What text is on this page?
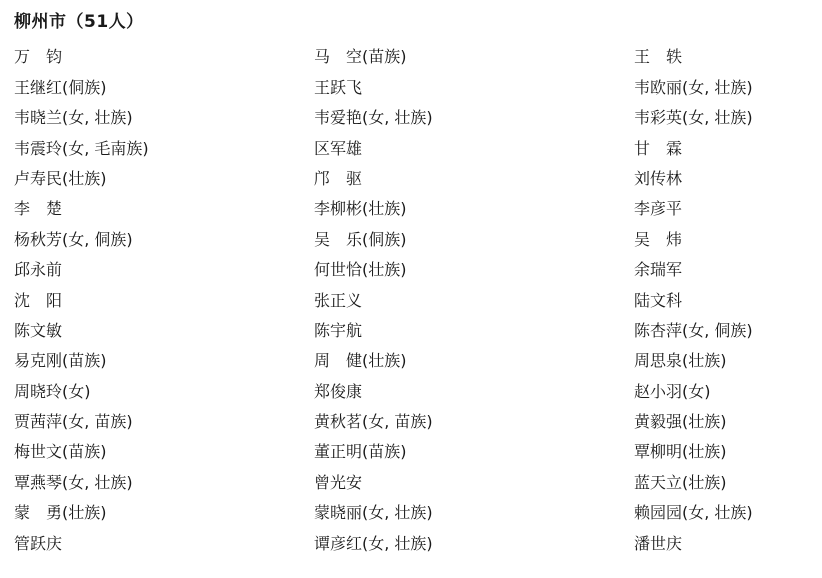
柳州市（51人）
万　钧	马　空(苗族)	王　轶
王继红(侗族)	王跃飞	韦欧丽(女, 壮族)
韦晓兰(女, 壮族)	韦爱艳(女, 壮族)	韦彩英(女, 壮族)
韦震玲(女, 毛南族)	区军雄	甘　霖
卢寿民(壮族)	邝　驱	刘传林
李　楚	李柳彬(壮族)	李彦平
杨秋芳(女, 侗族)	吴　乐(侗族)	吴　炜
邱永前	何世恰(壮族)	余瑞军
沈　阳	张正义	陆文科
陈文敏	陈宇航	陈杏萍(女, 侗族)
易克刚(苗族)	周　健(壮族)	周思泉(壮族)
周晓玲(女)	郑俊康	赵小羽(女)
贾茜萍(女, 苗族)	黄秋茗(女, 苗族)	黄毅强(壮族)
梅世文(苗族)	董正明(苗族)	覃柳明(壮族)
覃燕琴(女, 壮族)	曾光安	蓝天立(壮族)
蒙　勇(壮族)	蒙晓丽(女, 壮族)	赖园园(女, 壮族)
管跃庆	谭彦红(女, 壮族)	潘世庆
